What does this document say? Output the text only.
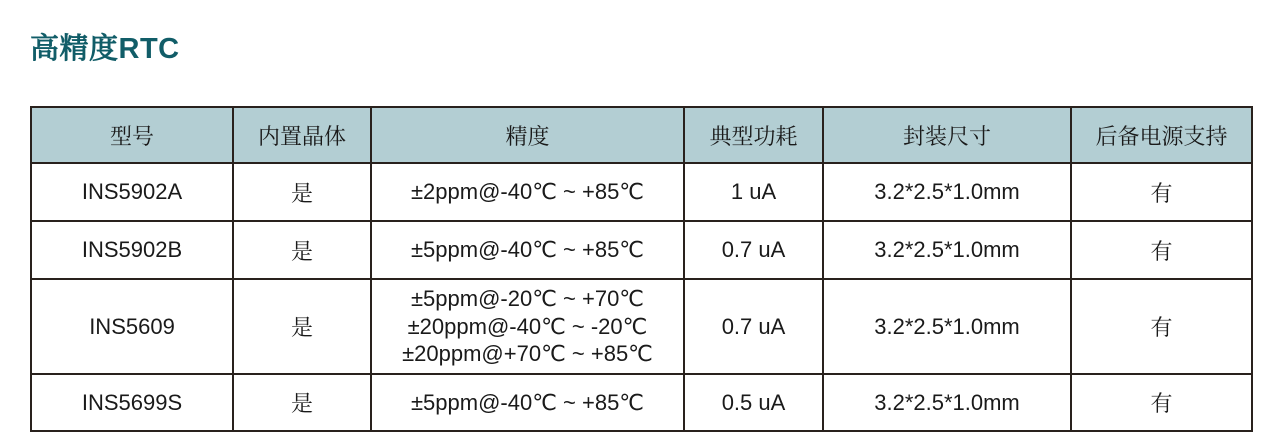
高精度RTC
型号	内置晶体	精度	典型功耗	封装尺寸	后备电源支持
INS5902A	是	±2ppm@-40℃ ~ +85℃	1 uA	3.2*2.5*1.0mm	有
INS5902B	是	±5ppm@-40℃ ~ +85℃	0.7 uA	3.2*2.5*1.0mm	有
INS5609	是	±5ppm@-20℃ ~ +70℃
±20ppm@-40℃ ~ -20℃
±20ppm@+70℃ ~ +85℃	0.7 uA	3.2*2.5*1.0mm	有
INS5699S	是	±5ppm@-40℃ ~ +85℃	0.5 uA	3.2*2.5*1.0mm	有
